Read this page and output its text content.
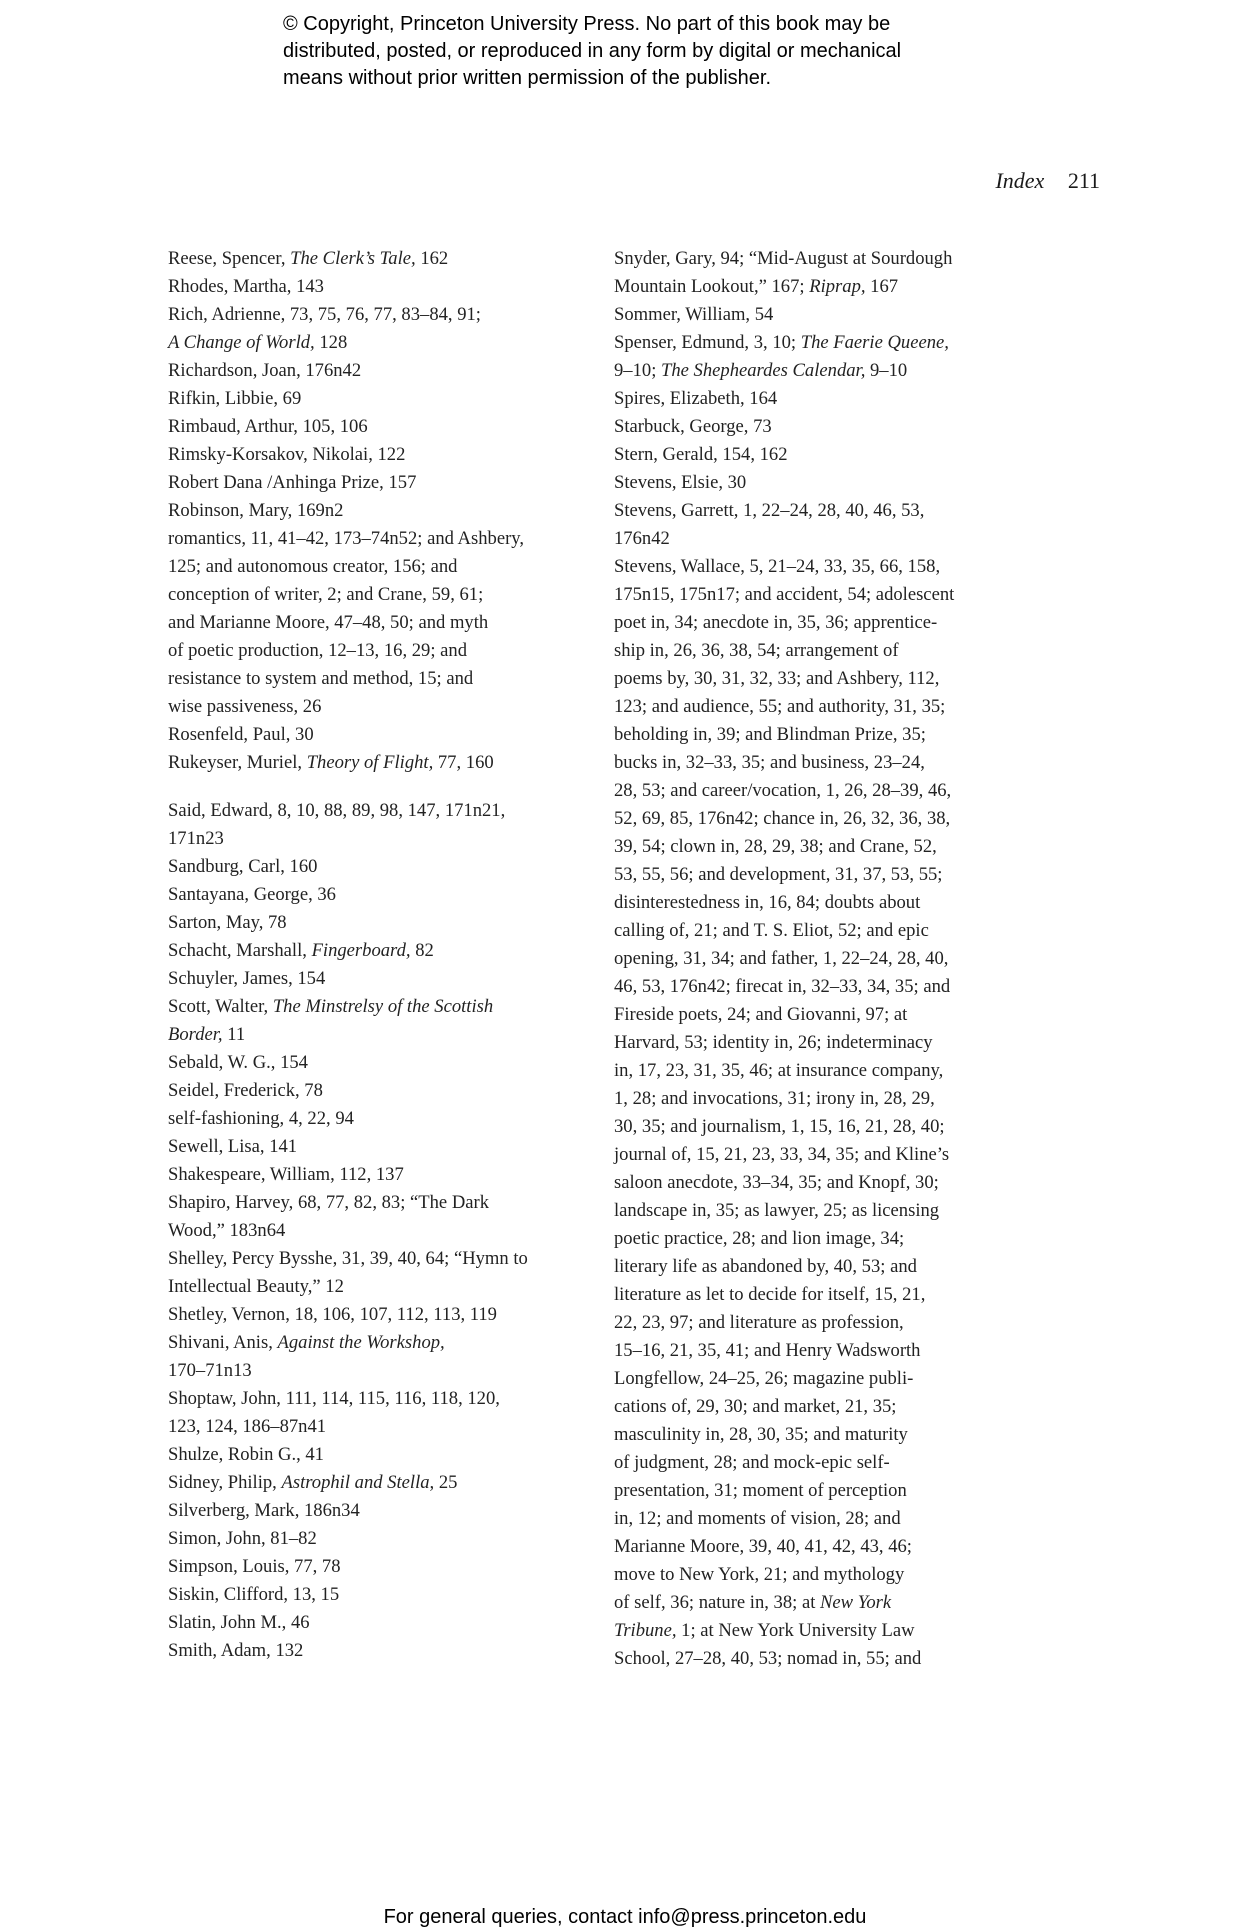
© Copyright, Princeton University Press. No part of this book may be
distributed, posted, or reproduced in any form by digital or mechanical
means without prior written permission of the publisher.
Index 211
Reese, Spencer, The Clerk’s Tale, 162
Rhodes, Martha, 143
Rich, Adrienne, 73, 75, 76, 77, 83–84, 91;
A Change of World, 128
Richardson, Joan, 176n42
Rifkin, Libbie, 69
Rimbaud, Arthur, 105, 106
Rimsky-Korsakov, Nikolai, 122
Robert Dana /Anhinga Prize, 157
Robinson, Mary, 169n2
romantics, 11, 41–42, 173–74n52; and Ashbery,
125; and autonomous creator, 156; and
conception of writer, 2; and Crane, 59, 61;
and Marianne Moore, 47–48, 50; and myth
of poetic production, 12–13, 16, 29; and
resistance to system and method, 15; and
wise passiveness, 26
Rosenfeld, Paul, 30
Rukeyser, Muriel, Theory of Flight, 77, 160
Said, Edward, 8, 10, 88, 89, 98, 147, 171n21,
171n23
Sandburg, Carl, 160
Santayana, George, 36
Sarton, May, 78
Schacht, Marshall, Fingerboard, 82
Schuyler, James, 154
Scott, Walter, The Minstrelsy of the Scottish
Border, 11
Sebald, W. G., 154
Seidel, Frederick, 78
self-fashioning, 4, 22, 94
Sewell, Lisa, 141
Shakespeare, William, 112, 137
Shapiro, Harvey, 68, 77, 82, 83; “The Dark
Wood,” 183n64
Shelley, Percy Bysshe, 31, 39, 40, 64; “Hymn to
Intellectual Beauty,” 12
Shetley, Vernon, 18, 106, 107, 112, 113, 119
Shivani, Anis, Against the Workshop,
170–71n13
Shoptaw, John, 111, 114, 115, 116, 118, 120,
123, 124, 186–87n41
Shulze, Robin G., 41
Sidney, Philip, Astrophil and Stella, 25
Silverberg, Mark, 186n34
Simon, John, 81–82
Simpson, Louis, 77, 78
Siskin, Clifford, 13, 15
Slatin, John M., 46
Smith, Adam, 132
Snyder, Gary, 94; “Mid-August at Sourdough
Mountain Lookout,” 167; Riprap, 167
Sommer, William, 54
Spenser, Edmund, 3, 10; The Faerie Queene,
9–10; The Shepheardes Calendar, 9–10
Spires, Elizabeth, 164
Starbuck, George, 73
Stern, Gerald, 154, 162
Stevens, Elsie, 30
Stevens, Garrett, 1, 22–24, 28, 40, 46, 53,
176n42
Stevens, Wallace, 5, 21–24, 33, 35, 66, 158,
175n15, 175n17; and accident, 54; adolescent
poet in, 34; anecdote in, 35, 36; apprentice-
ship in, 26, 36, 38, 54; arrangement of
poems by, 30, 31, 32, 33; and Ashbery, 112,
123; and audience, 55; and authority, 31, 35;
beholding in, 39; and Blindman Prize, 35;
bucks in, 32–33, 35; and business, 23–24,
28, 53; and career/vocation, 1, 26, 28–39, 46,
52, 69, 85, 176n42; chance in, 26, 32, 36, 38,
39, 54; clown in, 28, 29, 38; and Crane, 52,
53, 55, 56; and development, 31, 37, 53, 55;
disinterestedness in, 16, 84; doubts about
calling of, 21; and T. S. Eliot, 52; and epic
opening, 31, 34; and father, 1, 22–24, 28, 40,
46, 53, 176n42; firecat in, 32–33, 34, 35; and
Fireside poets, 24; and Giovanni, 97; at
Harvard, 53; identity in, 26; indeterminacy
in, 17, 23, 31, 35, 46; at insurance company,
1, 28; and invocations, 31; irony in, 28, 29,
30, 35; and journalism, 1, 15, 16, 21, 28, 40;
journal of, 15, 21, 23, 33, 34, 35; and Kline’s
saloon anecdote, 33–34, 35; and Knopf, 30;
landscape in, 35; as lawyer, 25; as licensing
poetic practice, 28; and lion image, 34;
literary life as abandoned by, 40, 53; and
literature as let to decide for itself, 15, 21,
22, 23, 97; and literature as profession,
15–16, 21, 35, 41; and Henry Wadsworth
Longfellow, 24–25, 26; magazine publi-
cations of, 29, 30; and market, 21, 35;
masculinity in, 28, 30, 35; and maturity
of judgment, 28; and mock-epic self-
presentation, 31; moment of perception
in, 12; and moments of vision, 28; and
Marianne Moore, 39, 40, 41, 42, 43, 46;
move to New York, 21; and mythology
of self, 36; nature in, 38; at New York
Tribune, 1; at New York University Law
School, 27–28, 40, 53; nomad in, 55; and
For general queries, contact info@press.princeton.edu
